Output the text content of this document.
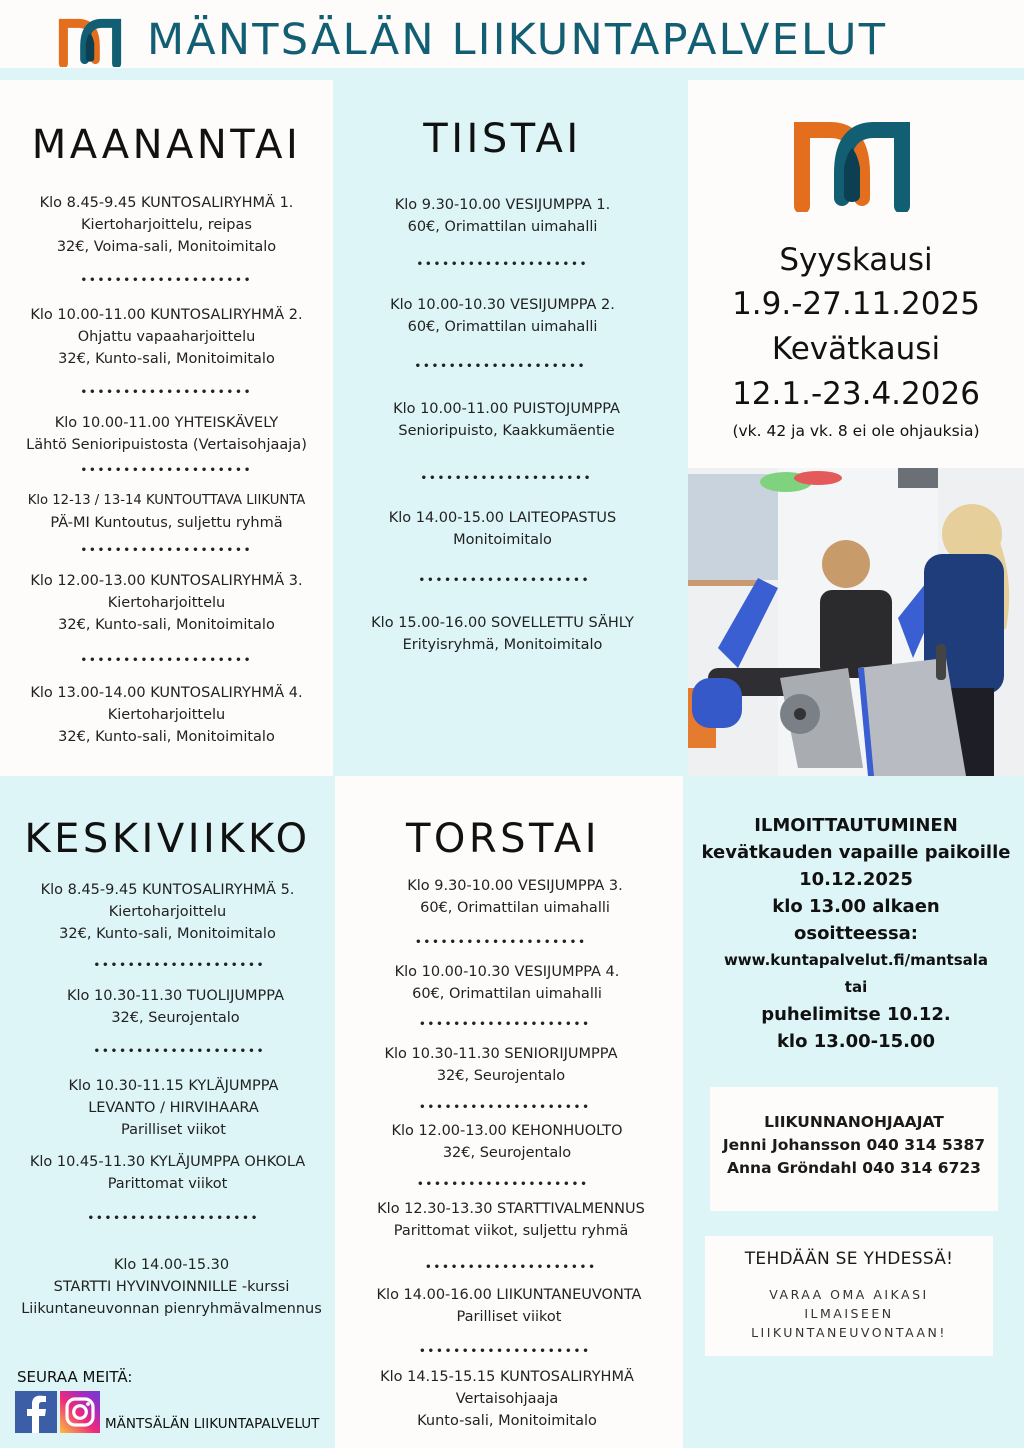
MÄNTSÄLÄN LIIKUNTAPALVELUT
MAANANTAI
Klo 8.45-9.45 KUNTOSALIRYHMÄ 1.
Kiertoharjoittelu, reipas
32€, Voima-sali, Monitoimitalo
••••••••••••••••••••
Klo 10.00-11.00 KUNTOSALIRYHMÄ 2.
Ohjattu vapaaharjoittelu
32€, Kunto-sali, Monitoimitalo
••••••••••••••••••••
Klo 10.00-11.00 YHTEISKÄVELY
Lähtö Senioripuistosta (Vertaisohjaaja)
••••••••••••••••••••
Klo 12-13 / 13-14 KUNTOUTTAVA LIIKUNTA
PÄ-MI Kuntoutus, suljettu ryhmä
••••••••••••••••••••
Klo 12.00-13.00 KUNTOSALIRYHMÄ 3.
Kiertoharjoittelu
32€, Kunto-sali, Monitoimitalo
••••••••••••••••••••
Klo 13.00-14.00 KUNTOSALIRYHMÄ 4.
Kiertoharjoittelu
32€, Kunto-sali, Monitoimitalo
TIISTAI
Klo 9.30-10.00 VESIJUMPPA 1.
60€, Orimattilan uimahalli
••••••••••••••••••••
Klo 10.00-10.30 VESIJUMPPA 2.
60€, Orimattilan uimahalli
••••••••••••••••••••
Klo 10.00-11.00 PUISTOJUMPPA
Senioripuisto, Kaakkumäentie
••••••••••••••••••••
Klo 14.00-15.00 LAITEOPASTUS
Monitoimitalo
••••••••••••••••••••
Klo 15.00-16.00 SOVELLETTU SÄHLY
Erityisryhmä, Monitoimitalo
Syyskausi
1.9.-27.11.2025
Kevätkausi
12.1.-23.4.2026
(vk. 42 ja vk. 8 ei ole ohjauksia)
KESKIVIIKKO
Klo 8.45-9.45 KUNTOSALIRYHMÄ 5.
Kiertoharjoittelu
32€, Kunto-sali, Monitoimitalo
••••••••••••••••••••
Klo 10.30-11.30 TUOLIJUMPPA
32€, Seurojentalo
••••••••••••••••••••
Klo 10.30-11.15 KYLÄJUMPPA
LEVANTO / HIRVIHAARA
Parilliset viikot
Klo 10.45-11.30 KYLÄJUMPPA OHKOLA
Parittomat viikot
••••••••••••••••••••
Klo 14.00-15.30
STARTTI HYVINVOINNILLE -kurssi
Liikuntaneuvonnan pienryhmävalmennus
SEURAA MEITÄ:
MÄNTSÄLÄN LIIKUNTAPALVELUT
TORSTAI
Klo 9.30-10.00 VESIJUMPPA 3.
60€, Orimattilan uimahalli
••••••••••••••••••••
Klo 10.00-10.30 VESIJUMPPA 4.
60€, Orimattilan uimahalli
••••••••••••••••••••
Klo 10.30-11.30 SENIORIJUMPPA
32€, Seurojentalo
••••••••••••••••••••
Klo 12.00-13.00 KEHONHUOLTO
32€, Seurojentalo
••••••••••••••••••••
Klo 12.30-13.30 STARTTIVALMENNUS
Parittomat viikot, suljettu ryhmä
••••••••••••••••••••
Klo 14.00-16.00 LIIKUNTANEUVONTA
Parilliset viikot
••••••••••••••••••••
Klo 14.15-15.15 KUNTOSALIRYHMÄ
Vertaisohjaaja
Kunto-sali, Monitoimitalo
ILMOITTAUTUMINEN
kevätkauden vapaille paikoille
10.12.2025
klo 13.00 alkaen
osoitteessa:
www.kuntapalvelut.fi/mantsala
tai
puhelimitse 10.12.
klo 13.00-15.00
LIIKUNNANOHJAAJAT
Jenni Johansson 040 314 5387
Anna Gröndahl 040 314 6723
TEHDÄÄN SE YHDESSÄ!
VARAA OMA AIKASI
ILMAISEEN
LIIKUNTANEUVONTAAN!
